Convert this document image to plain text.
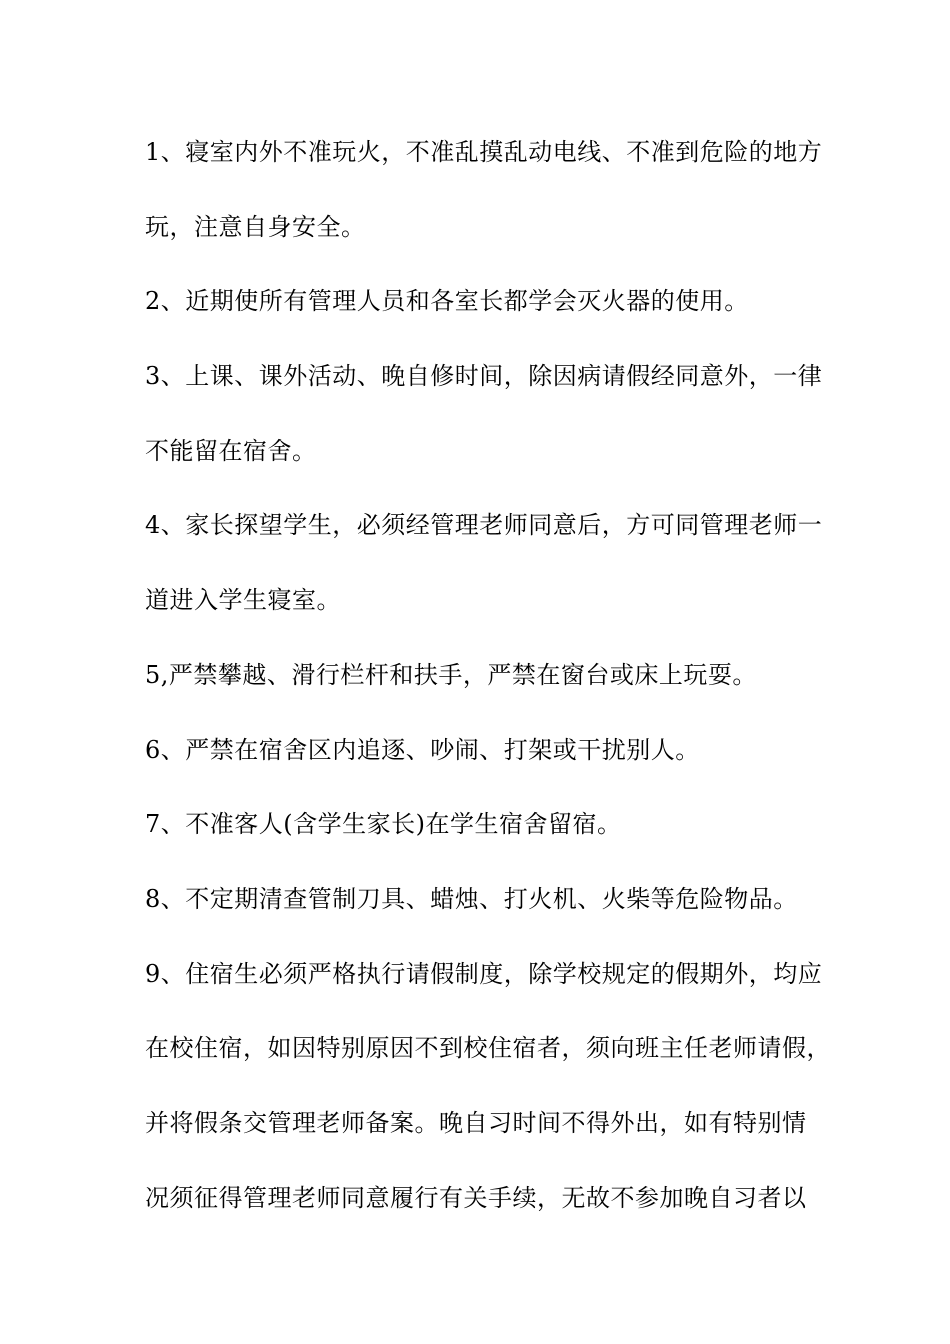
1、寝室内外不准玩火，不准乱摸乱动电线、不准到危险的地方
玩，注意自身安全。
2、近期使所有管理人员和各室长都学会灭火器的使用。
3、上课、课外活动、晚自修时间，除因病请假经同意外，一律
不能留在宿舍。
4、家长探望学生，必须经管理老师同意后，方可同管理老师一
道进入学生寝室。
5,严禁攀越、滑行栏杆和扶手，严禁在窗台或床上玩耍。
6、严禁在宿舍区内追逐、吵闹、打架或干扰别人。
7、不准客人(含学生家长)在学生宿舍留宿。
8、不定期清查管制刀具、蜡烛、打火机、火柴等危险物品。
9、住宿生必须严格执行请假制度，除学校规定的假期外，均应
在校住宿，如因特别原因不到校住宿者，须向班主任老师请假，
并将假条交管理老师备案。晚自习时间不得外出，如有特别情
况须征得管理老师同意履行有关手续，无故不参加晚自习者以
